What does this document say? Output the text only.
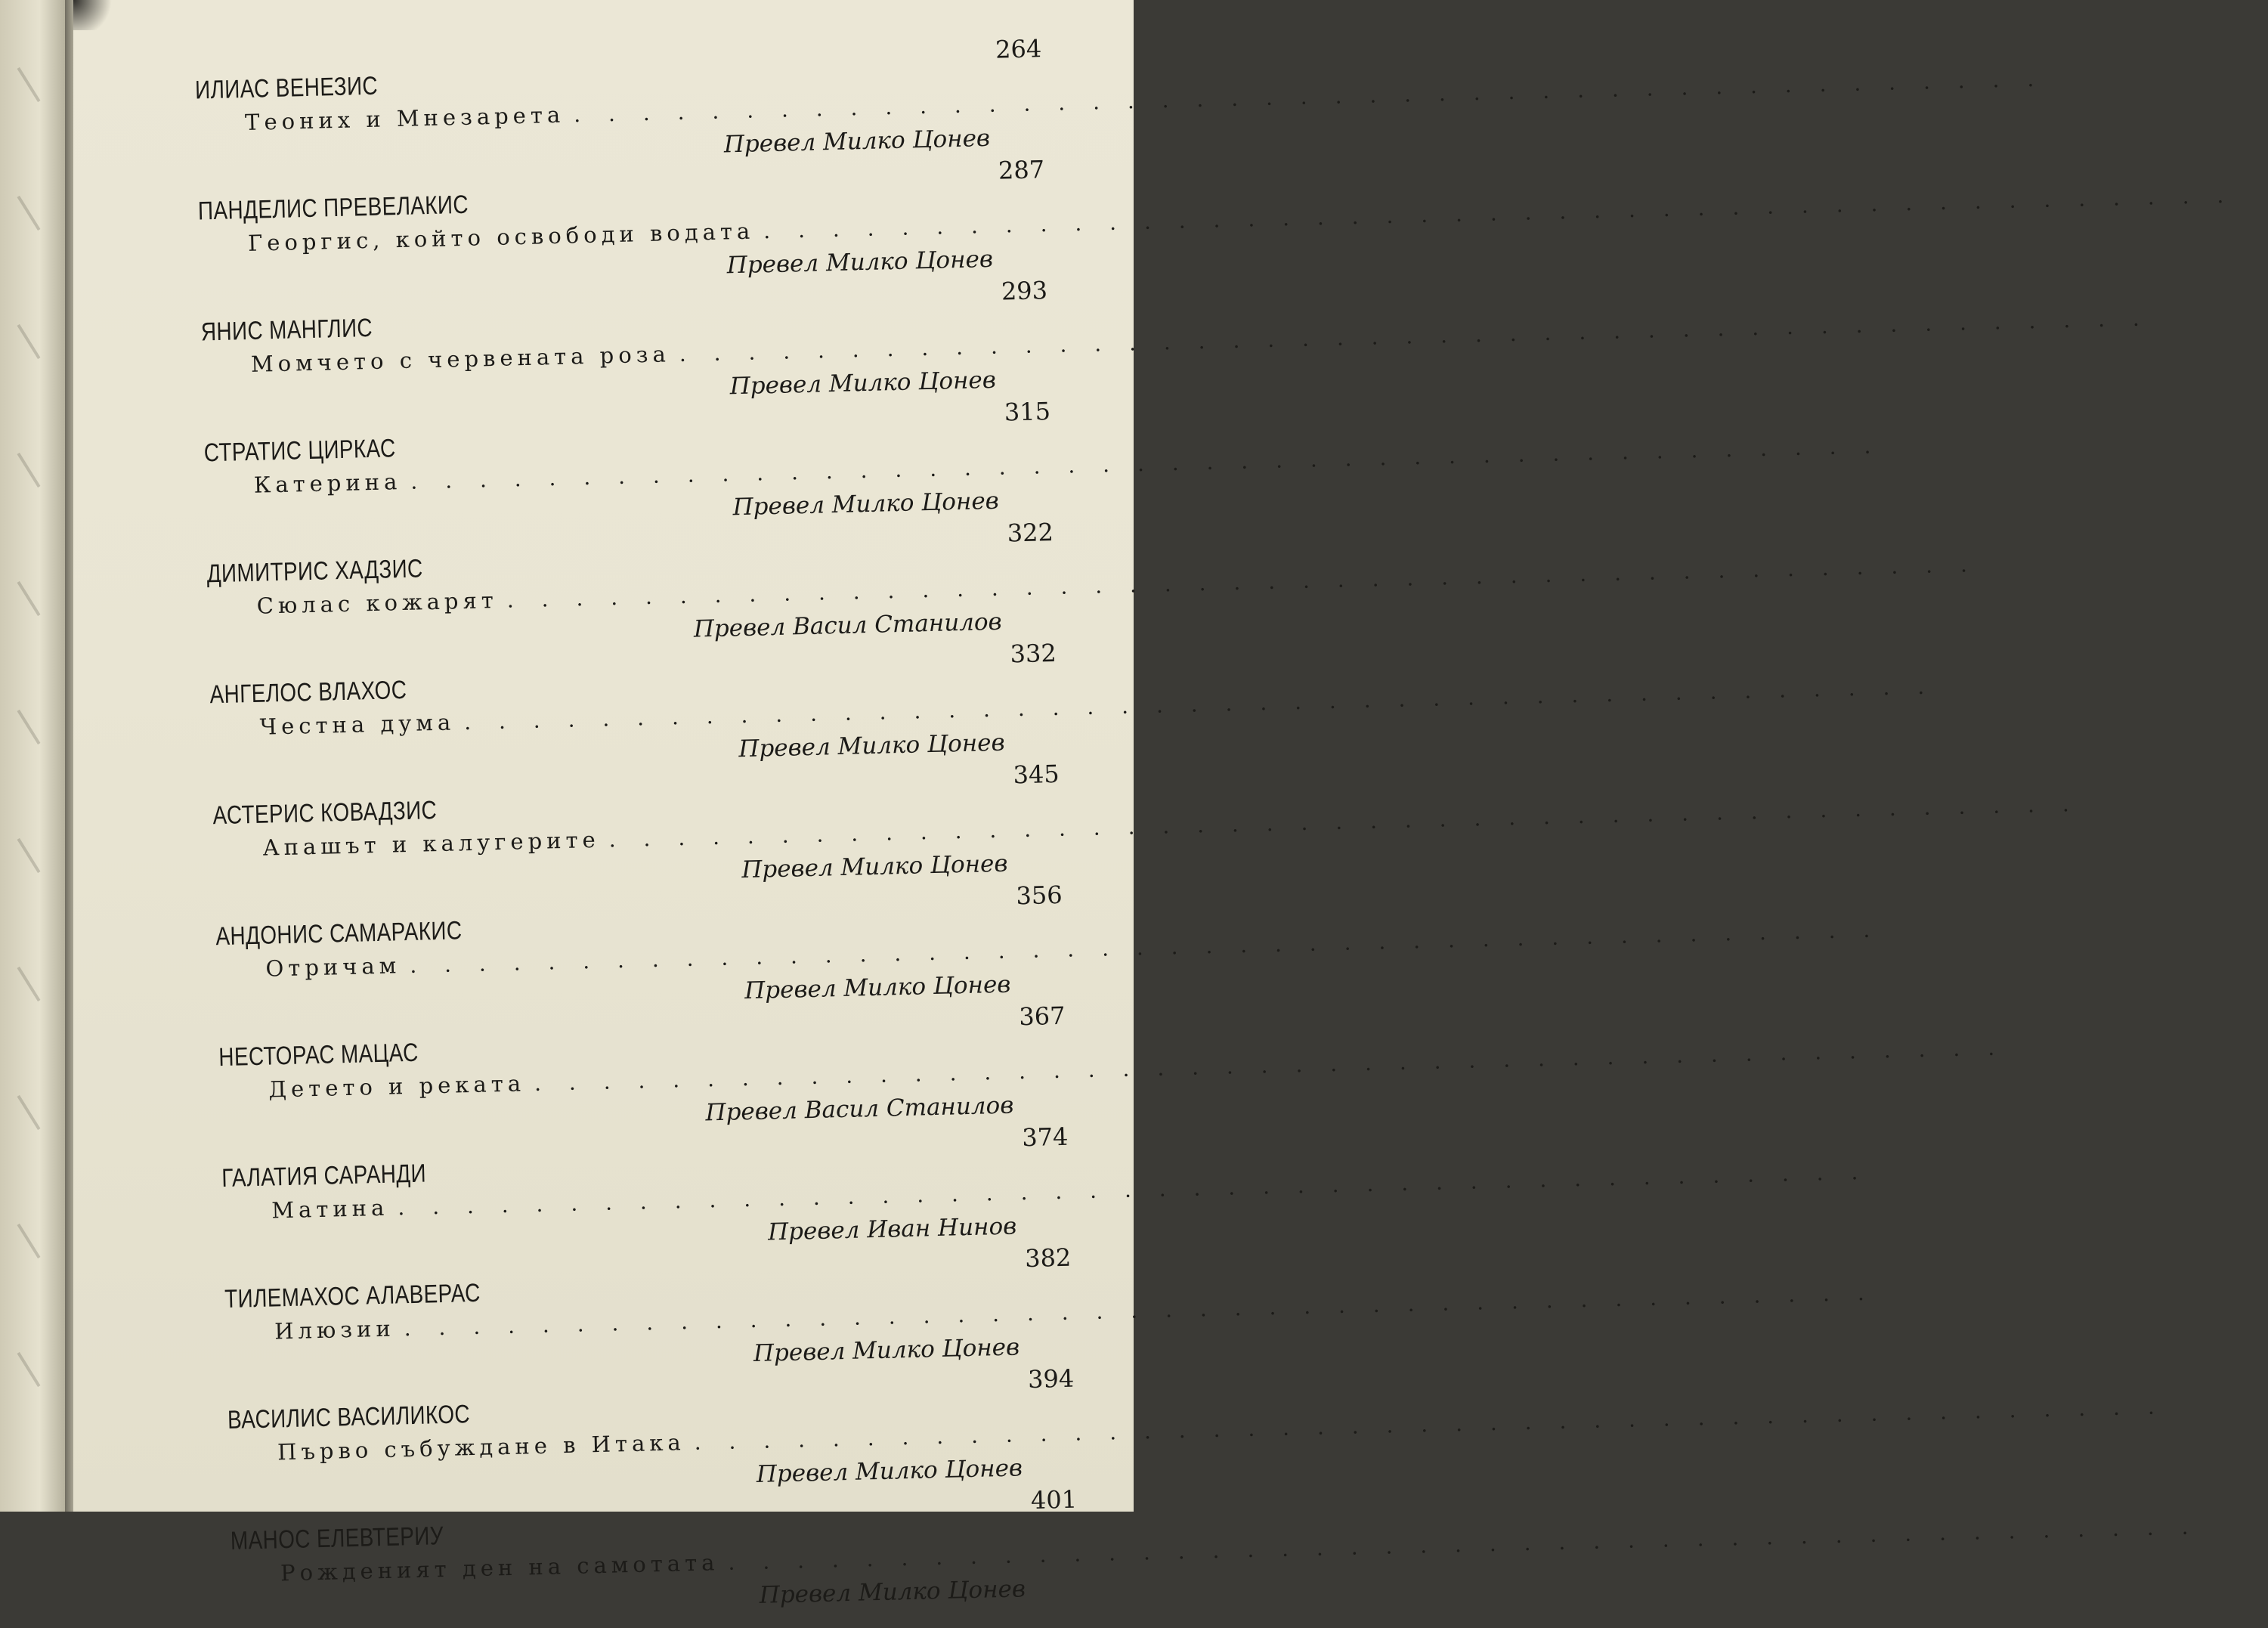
ИЛИАС ВЕНЕЗИС
Теоних и Мнезарета
. . .
264
Превел Милко Цонев
ПАНДЕЛИС ПРЕВЕЛАКИС
Георгис, който освободи водата
. . .
287
Превел Милко Цонев
ЯНИС МАНГЛИС
Момчето с червената роза
. . .
293
Превел Милко Цонев
СТРАТИС ЦИРКАС
Катерина
. . .
315
Превел Милко Цонев
ДИМИТРИС ХАДЗИС
Сюлас кожарят
. . .
322
Превел Васил Станилов
АНГЕЛОС ВЛАХОС
Честна дума
. . .
332
Превел Милко Цонев
АСТЕРИС КОВАДЗИС
Апашът и калугерите
. . .
345
Превел Милко Цонев
АНДОНИС САМАРАКИС
Отричам
. . .
356
Превел Милко Цонев
НЕСТОРАС МАЦАС
Детето и реката
. . .
367
Превел Васил Станилов
ГАЛАТИЯ САРАНДИ
Матина
. . .
374
Превел Иван Нинов
ТИЛЕМАХОС АЛАВЕРАС
Илюзии
. . .
382
Превел Милко Цонев
ВАСИЛИС ВАСИЛИКОС
Първо събуждане в Итака
. . .
394
Превел Милко Цонев
МАНОС ЕЛЕВТЕРИУ
Рожденият ден на самотата
. . .
401
Превел Милко Цонев
